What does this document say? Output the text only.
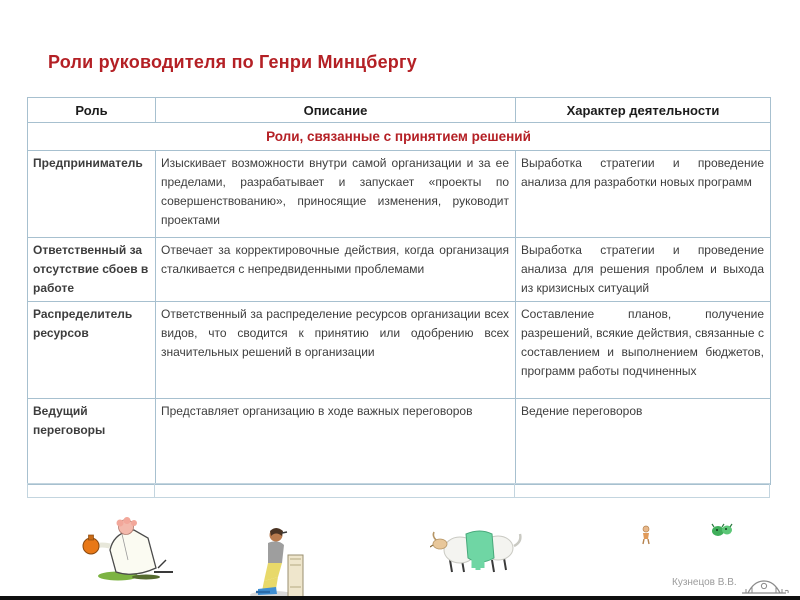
Роли руководителя по Генри Минцбергу
Роль	Описание	Характер деятельности
Роли, связанные с принятием решений		
Предприниматель	Изыскивает возможности внутри самой организации и за ее пределами, разрабатывает и запускает «проекты по совершенствованию», приносящие изменения, руководит проектами	Выработка стратегии и проведение анализа для разработки новых программ
Ответственный за отсутствие сбоев в работе	Отвечает за корректировочные действия, когда организация сталкивается с непредвиденными проблемами	Выработка стратегии и проведение анализа для решения проблем и выхода из кризисных ситуаций
Распределитель ресурсов	Ответственный за распределение ресурсов организации всех видов, что сводится к принятию или одобрению всех значительных решений в организации	Составление планов, получение разрешений, всякие действия, связанные с составлением и выполнением бюджетов, программ работы подчиненных
Ведущий переговоры	Представляет организацию в ходе важных переговоров	Ведение переговоров
Кузнецов В.В.
